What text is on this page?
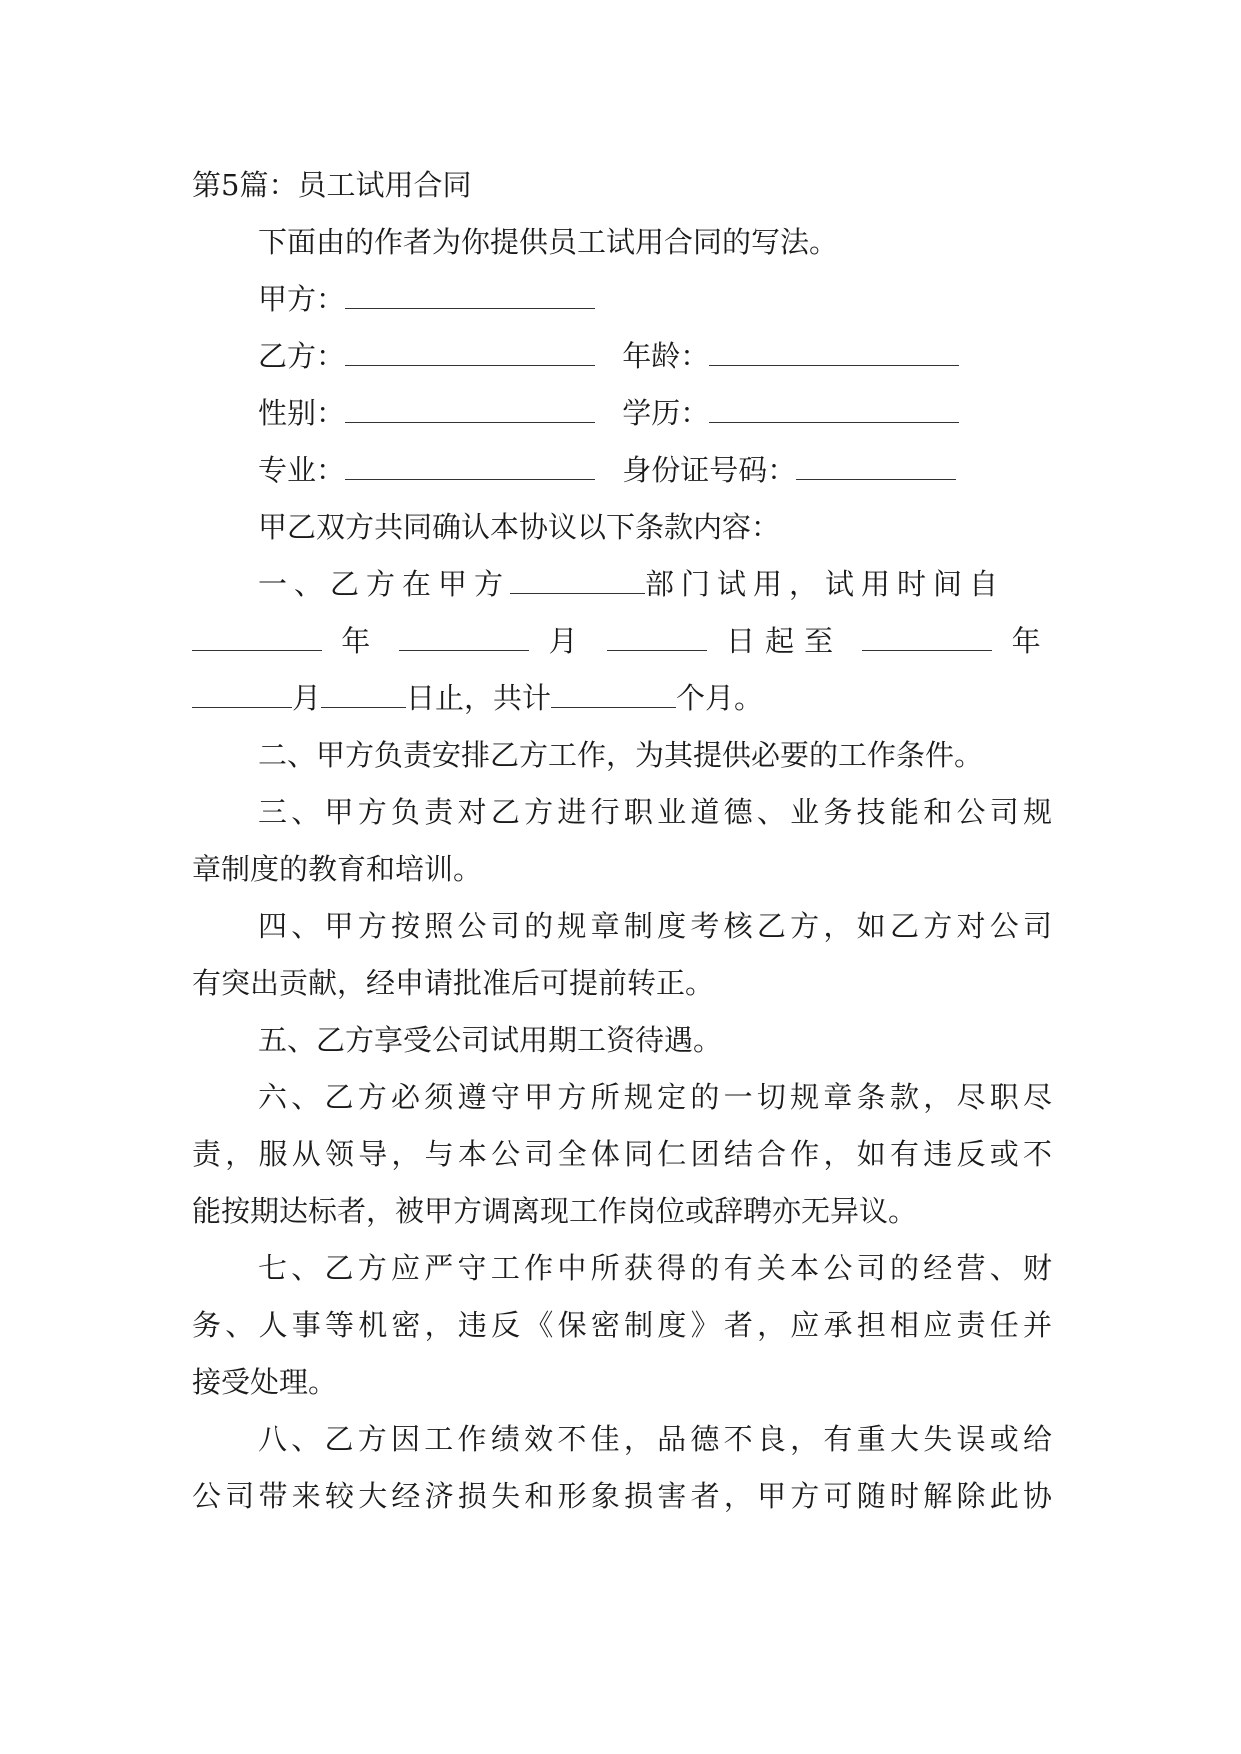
第5篇：员工试用合同
下面由的作者为你提供员工试用合同的写法。
甲方：
乙方：	年龄：
性别：	学历：
专业：	身份证号码：
甲乙双方共同确认本协议以下条款内容：
一、乙方在甲方	部门试用，试用时间自
年	月	日起至	年
月	日止，共计	个月。
二、甲方负责安排乙方工作，为其提供必要的工作条件。
三、甲方负责对乙方进行职业道德、业务技能和公司规
章制度的教育和培训。
四、甲方按照公司的规章制度考核乙方，如乙方对公司
有突出贡献，经申请批准后可提前转正。
五、乙方享受公司试用期工资待遇。
六、乙方必须遵守甲方所规定的一切规章条款，尽职尽
责，服从领导，与本公司全体同仁团结合作，如有违反或不
能按期达标者，被甲方调离现工作岗位或辞聘亦无异议。
七、乙方应严守工作中所获得的有关本公司的经营、财
务、人事等机密，违反《保密制度》者，应承担相应责任并
接受处理。
八、乙方因工作绩效不佳，品德不良，有重大失误或给
公司带来较大经济损失和形象损害者，甲方可随时解除此协
